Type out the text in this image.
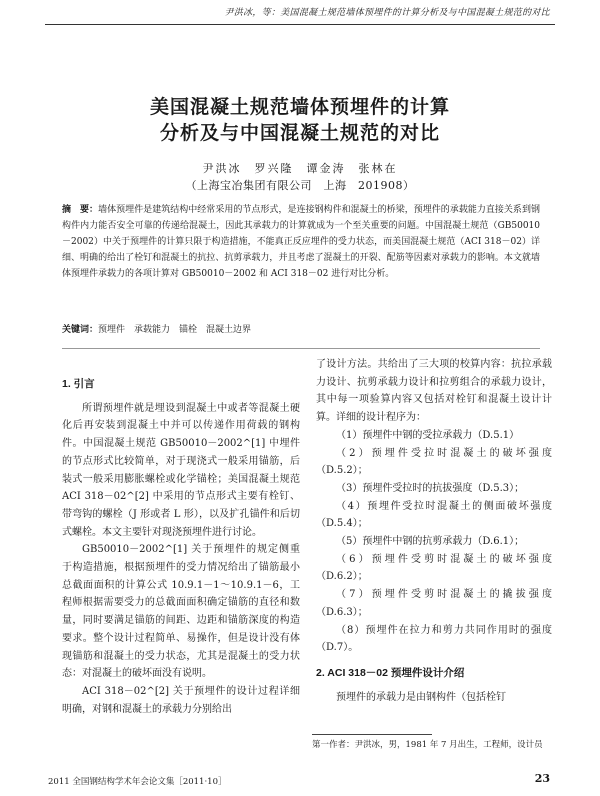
尹洪冰，等：美国混凝土规范墙体预埋件的计算分析及与中国混凝土规范的对比
美国混凝土规范墙体预埋件的计算
分析及与中国混凝土规范的对比
尹洪冰　罗兴隆　谭金涛　张林在
（上海宝冶集团有限公司　上海　201908）
摘　要：墙体预埋件是建筑结构中经常采用的节点形式，是连接钢构件和混凝土的桥梁，预埋件的承载能力直接关系到钢构件内力能否安全可靠的传递给混凝土，因此其承载力的计算就成为一个至关重要的问题。中国混凝土规范（GB50010－2002）中关于预埋件的计算只限于构造措施，不能真正反应埋件的受力状态，而美国混凝土规范（ACI 318－02）详细、明确的给出了栓钉和混凝土的抗拉、抗剪承载力，并且考虑了混凝土的开裂、配筋等因素对承载力的影响。本文就墙体预埋件承载力的各项计算对 GB50010－2002 和 ACI 318－02 进行对比分析。
关键词：预埋件　承载能力　锚栓　混凝土边界

1. 引言

所谓预埋件就是埋设到混凝土中或者等混凝土硬化后再安装到混凝土中并可以传递作用荷载的钢构件。中国混凝土规范 GB50010－2002^[1] 中埋件的节点形式比较简单，对于现浇式一般采用锚筋，后装式一般采用膨胀螺栓或化学锚栓；美国混凝土规范 ACI 318－02^[2] 中采用的节点形式主要有栓钉、带弯钩的螺栓（J 形或者 L 形），以及扩孔锚件和后切式螺栓。本文主要针对现浇预埋件进行讨论。

GB50010－2002^[1] 关于预埋件的规定侧重于构造措施，根据预埋件的受力情况给出了锚筋最小总截面面积的计算公式 10.9.1－1～10.9.1－6，工程师根据需要受力的总截面面积确定锚筋的直径和数量，同时要满足锚筋的间距、边距和锚筋深度的构造要求。整个设计过程简单、易操作，但是设计没有体现锚筋和混凝土的受力状态，尤其是混凝土的受力状态：对混凝土的破坏面没有说明。

ACI 318－02^[2] 关于预埋件的设计过程详细明确，对钢和混凝土的承载力分别给出

了设计方法。共给出了三大项的校算内容：抗拉承载力设计、抗剪承载力设计和拉剪组合的承载力设计，其中每一项验算内容又包括对栓钉和混凝土设计计算。详细的设计程序为：

（1）预埋件中钢的受拉承载力（D.5.1）

（2）预埋件受拉时混凝土的破坏强度（D.5.2）；

（3）预埋件受拉时的抗拔强度（D.5.3）；

（4）预埋件受拉时混凝土的侧面破坏强度（D.5.4）；

（5）预埋件中钢的抗剪承载力（D.6.1）；

（6）预埋件受剪时混凝土的破坏强度（D.6.2）；

（7）预埋件受剪时混凝土的撬拔强度（D.6.3）；

（8）预埋件在拉力和剪力共同作用时的强度（D.7）。

2. ACI 318－02 预埋件设计介绍

预埋件的承载力是由钢构件（包括栓钉

第一作者：尹洪冰，男，1981 年 7 月出生，工程师，设计员
2011 全国钢结构学术年会论文集［2011·10］	23
